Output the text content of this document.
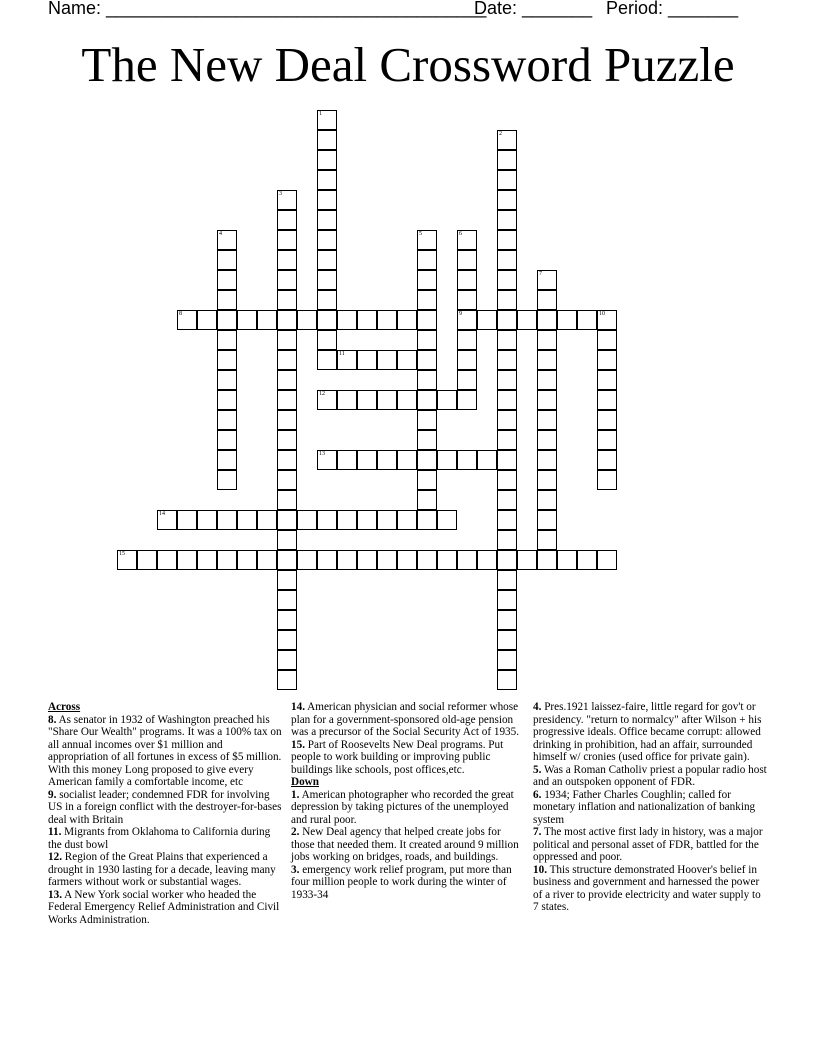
Name: ______________________________________
Date: _______ Period: _______
The New Deal Crossword Puzzle
1
2
3
4	5	6
9
7
8	10
11
12
13
14
15
Across
8. As senator in 1932 of Washington preached his "Share Our Wealth" programs. It was a 100% tax on all annual incomes over $1 million and appropriation of all fortunes in excess of $5 million. With this money Long proposed to give every American family a comfortable income, etc
9. socialist leader; condemned FDR for involving US in a foreign conflict with the destroyer-for-bases deal with Britain
11. Migrants from Oklahoma to California during the dust bowl
12. Region of the Great Plains that experienced a drought in 1930 lasting for a decade, leaving many farmers without work or substantial wages.
13. A New York social worker who headed the Federal Emergency Relief Administration and Civil Works Administration.
14. American physician and social reformer whose plan for a government-sponsored old-age pension was a precursor of the Social Security Act of 1935.
15. Part of Roosevelts New Deal programs. Put people to work building or improving public buildings like schools, post offices,etc.
Down
1. American photographer who recorded the great depression by taking pictures of the unemployed and rural poor.
2. New Deal agency that helped create jobs for those that needed them. It created around 9 million jobs working on bridges, roads, and buildings.
3. emergency work relief program, put more than four million people to work during the winter of 1933-34
4. Pres.1921 laissez-faire, little regard for gov't or presidency. "return to normalcy" after Wilson + his progressive ideals. Office became corrupt: allowed drinking in prohibition, had an affair, surrounded himself w/ cronies (used office for private gain).
5. Was a Roman Catholiv priest a popular radio host and an outspoken opponent of FDR.
6. 1934; Father Charles Coughlin; called for monetary inflation and nationalization of banking system
7. The most active first lady in history, was a major political and personal asset of FDR, battled for the oppressed and poor.
10. This structure demonstrated Hoover's belief in business and government and harnessed the power of a river to provide electricity and water supply to 7 states.
